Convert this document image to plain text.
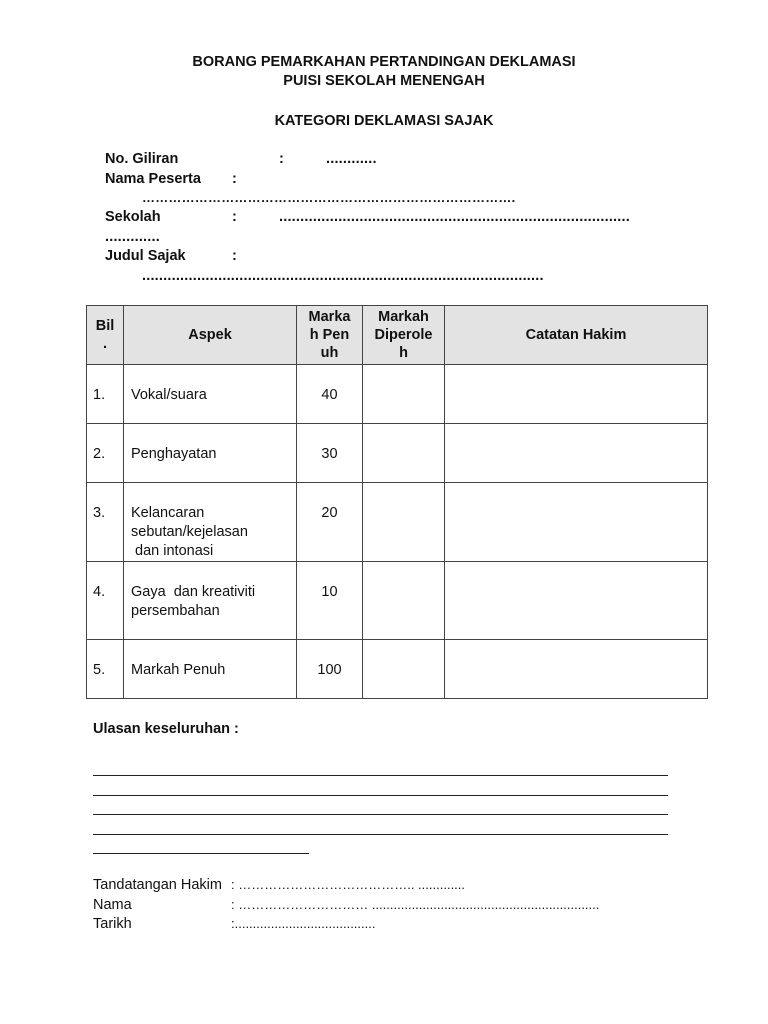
BORANG PEMARKAHAN PERTANDINGAN DEKLAMASI
PUISI SEKOLAH MENENGAH
KATEGORI DEKLAMASI SAJAK
No. Giliran	:	............
Nama Peserta :
………………………………………………………………………….
Sekolah	:	...................................................................................
.............
Judul Sajak	:
...............................................................................................
Bil .	Aspek	Markah Penuh	Markah Diperoleh	Catatan Hakim
1.	Vokal/suara	40		
2.	Penghayatan	30		
3.	Kelancaran
sebutan/kejelasan
dan intonasi	20		
4.	Gaya  dan kreativiti
persembahan	10		
5.	Markah Penuh	100		
Ulasan keseluruhan :
Tandatangan Hakim : ………………………………….. .............
Nama	: ………………………… ...............................................................
Tarikh	:.......................................
